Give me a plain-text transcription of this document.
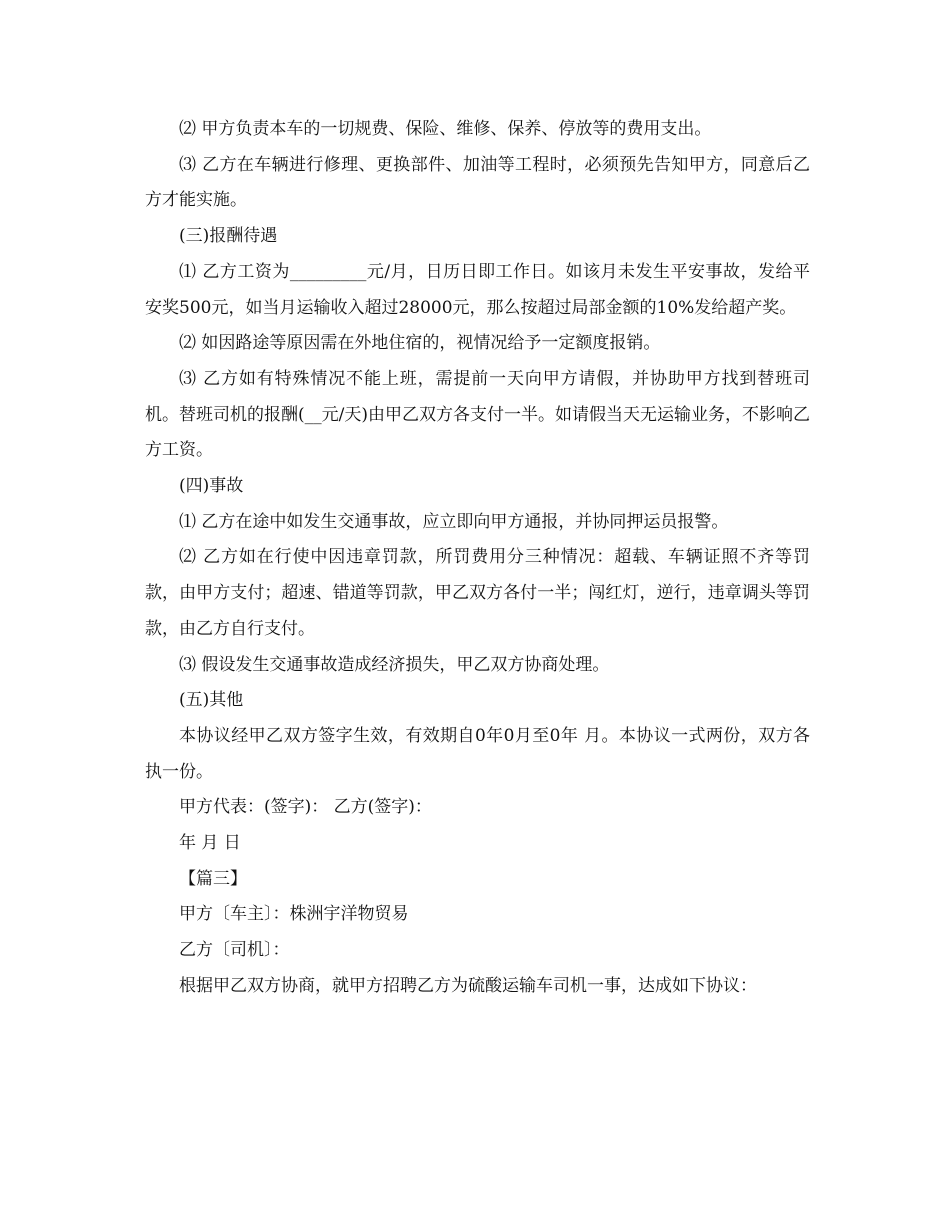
⑵ 甲方负责本车的一切规费、保险、维修、保养、停放等的费用支出。

⑶ 乙方在车辆进行修理、更换部件、加油等工程时，必须预先告知甲方，同意后乙方才能实施。

(三)报酬待遇

⑴ 乙方工资为_________元/月，日历日即工作日。如该月未发生平安事故，发给平安奖500元，如当月运输收入超过28000元，那么按超过局部金额的10%发给超产奖。

⑵ 如因路途等原因需在外地住宿的，视情况给予一定额度报销。

⑶ 乙方如有特殊情况不能上班，需提前一天向甲方请假，并协助甲方找到替班司机。替班司机的报酬(__元/天)由甲乙双方各支付一半。如请假当天无运输业务，不影响乙方工资。

(四)事故

⑴ 乙方在途中如发生交通事故，应立即向甲方通报，并协同押运员报警。

⑵ 乙方如在行使中因违章罚款，所罚费用分三种情况：超载、车辆证照不齐等罚款，由甲方支付；超速、错道等罚款，甲乙双方各付一半；闯红灯，逆行，违章调头等罚款，由乙方自行支付。

⑶ 假设发生交通事故造成经济损失，甲乙双方协商处理。

(五)其他

本协议经甲乙双方签字生效，有效期自0年0月至0年 月。本协议一式两份，双方各执一份。

甲方代表：(签字)： 乙方(签字)：

年 月 日

【篇三】

甲方〔车主〕：株洲宇洋物贸易

乙方〔司机〕：

根据甲乙双方协商，就甲方招聘乙方为硫酸运输车司机一事，达成如下协议：
